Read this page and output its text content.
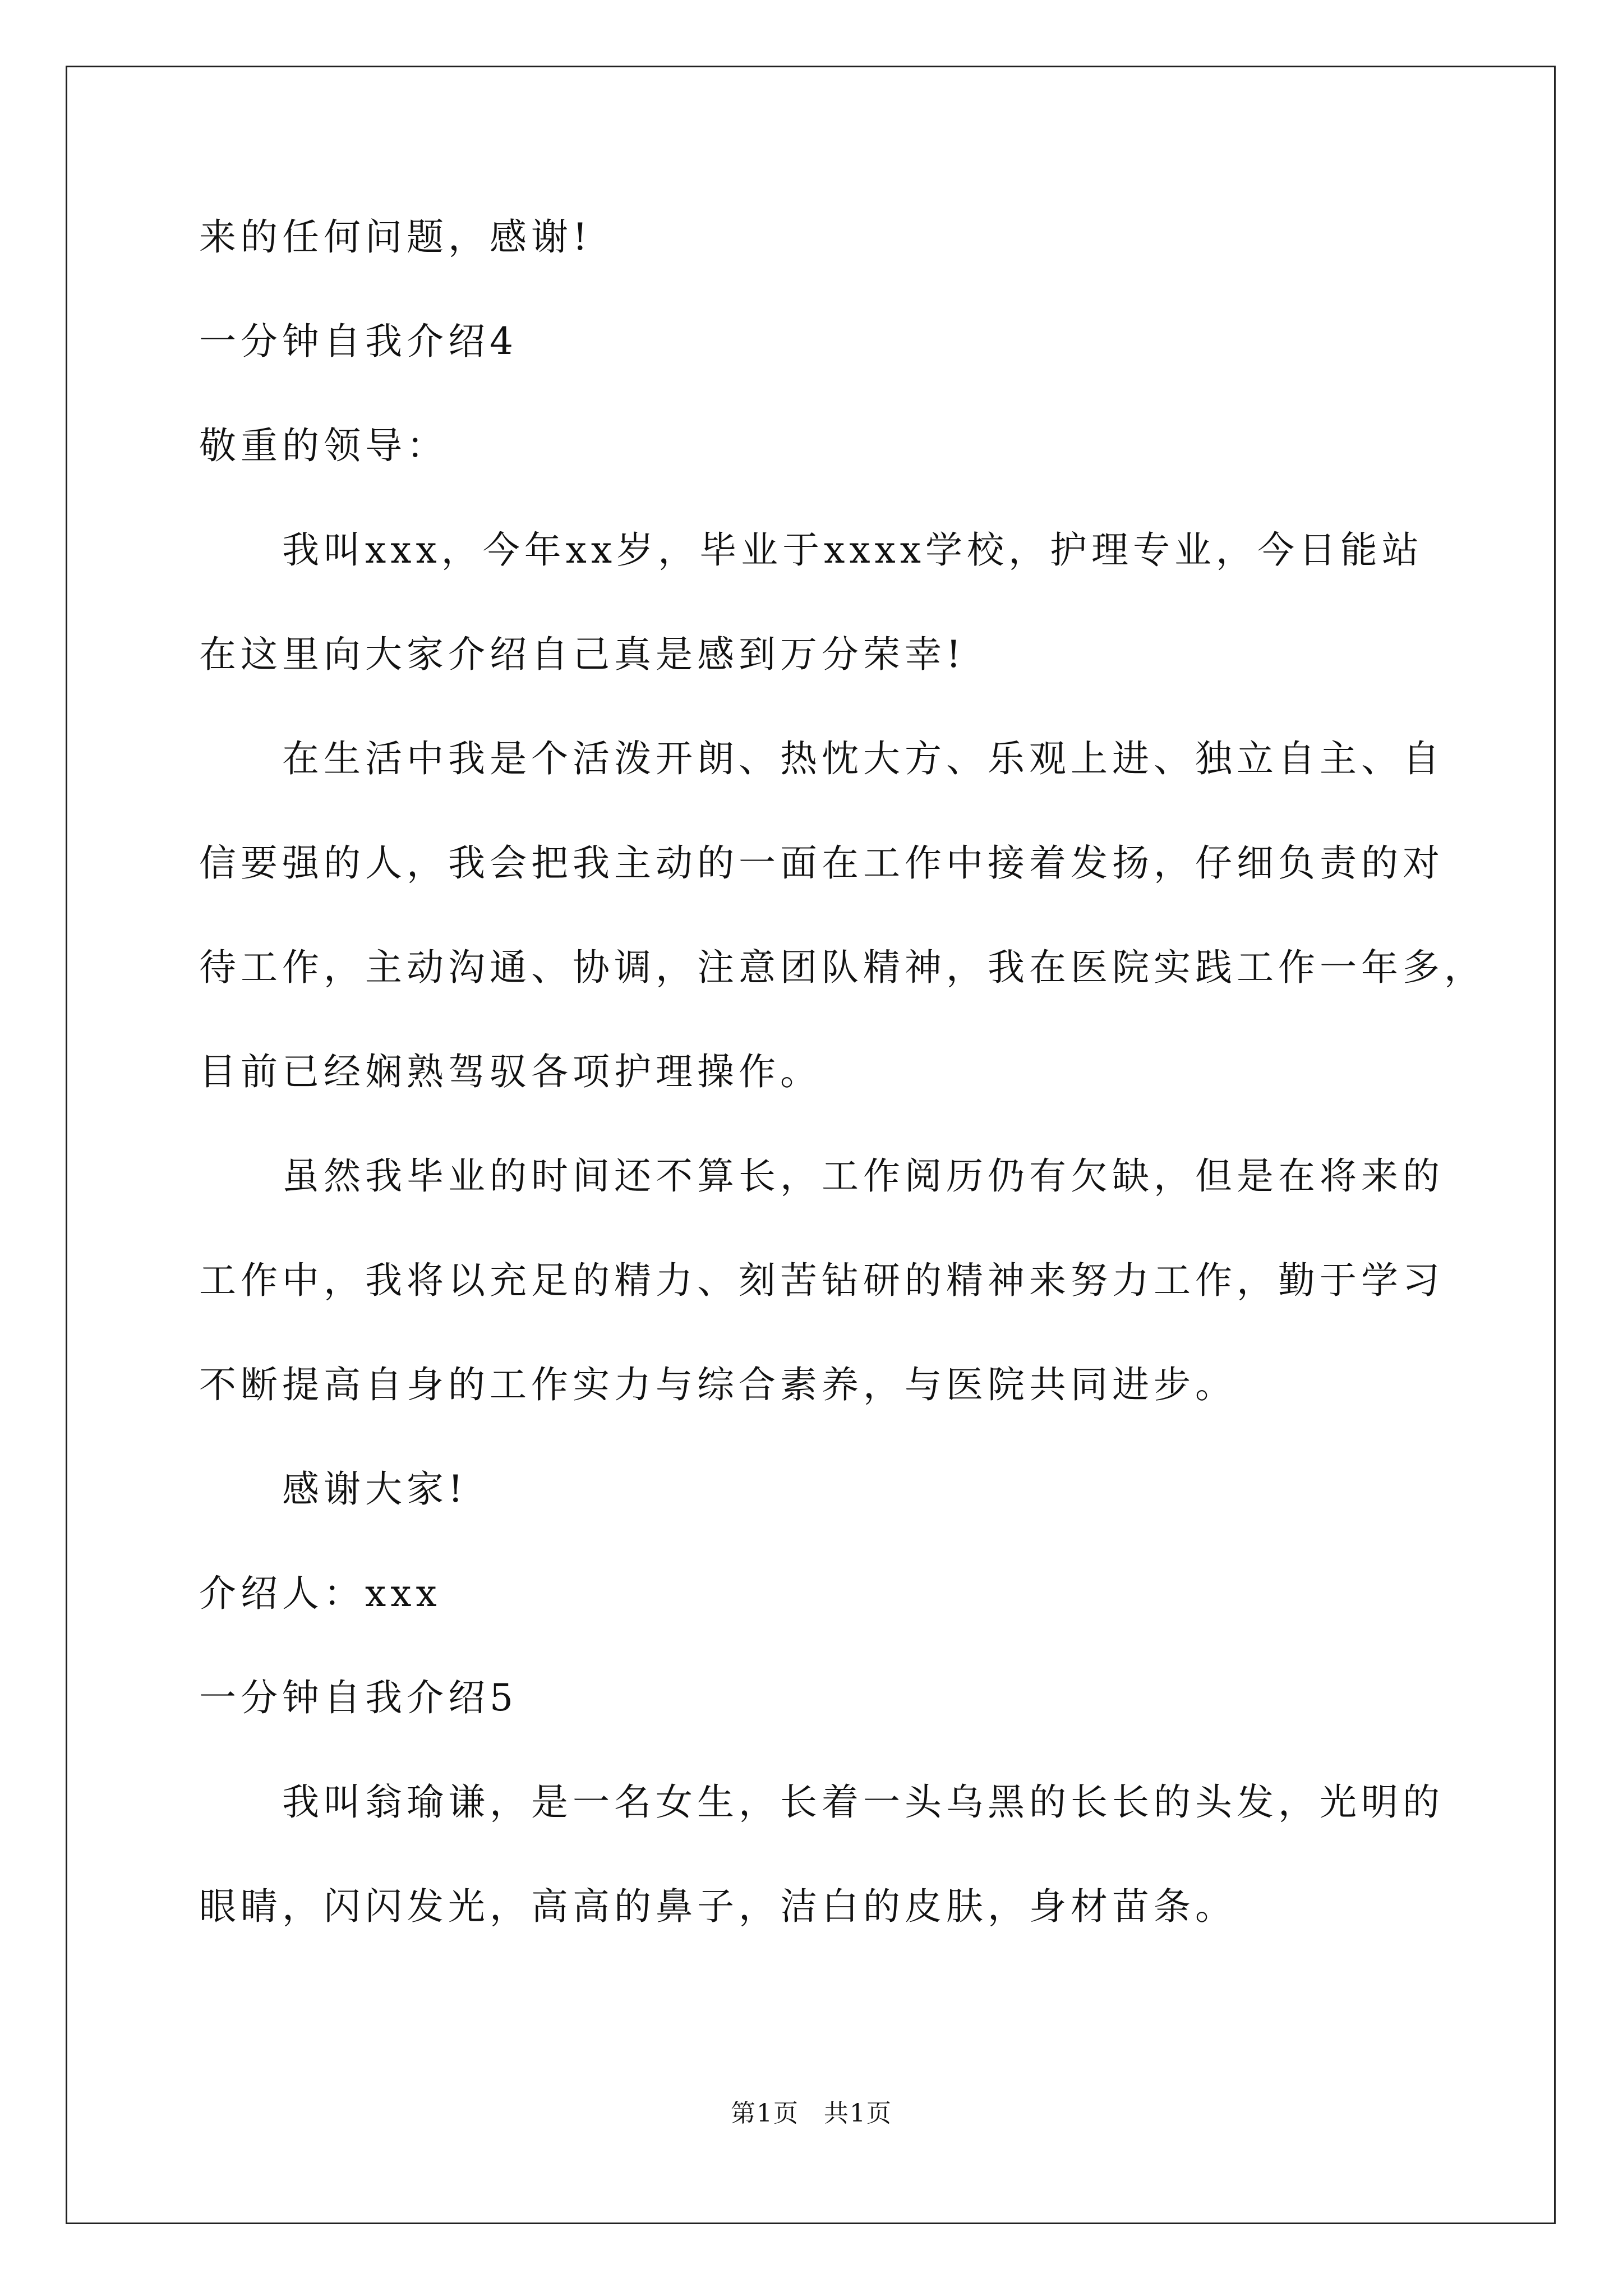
来的任何问题，感谢!
一分钟自我介绍4
敬重的领导：
我叫xxx，今年xx岁，毕业于xxxx学校，护理专业，今日能站
在这里向大家介绍自己真是感到万分荣幸!
在生活中我是个活泼开朗、热忱大方、乐观上进、独立自主、自
信要强的人，我会把我主动的一面在工作中接着发扬，仔细负责的对
待工作，主动沟通、协调，注意团队精神，我在医院实践工作一年多，
目前已经娴熟驾驭各项护理操作。
虽然我毕业的时间还不算长，工作阅历仍有欠缺，但是在将来的
工作中，我将以充足的精力、刻苦钻研的精神来努力工作，勤于学习
不断提高自身的工作实力与综合素养，与医院共同进步。
感谢大家!
介绍人：xxx
一分钟自我介绍5
我叫翁瑜谦，是一名女生，长着一头乌黑的长长的头发，光明的
眼睛，闪闪发光，高高的鼻子，洁白的皮肤，身材苗条。
第1页 共1页
